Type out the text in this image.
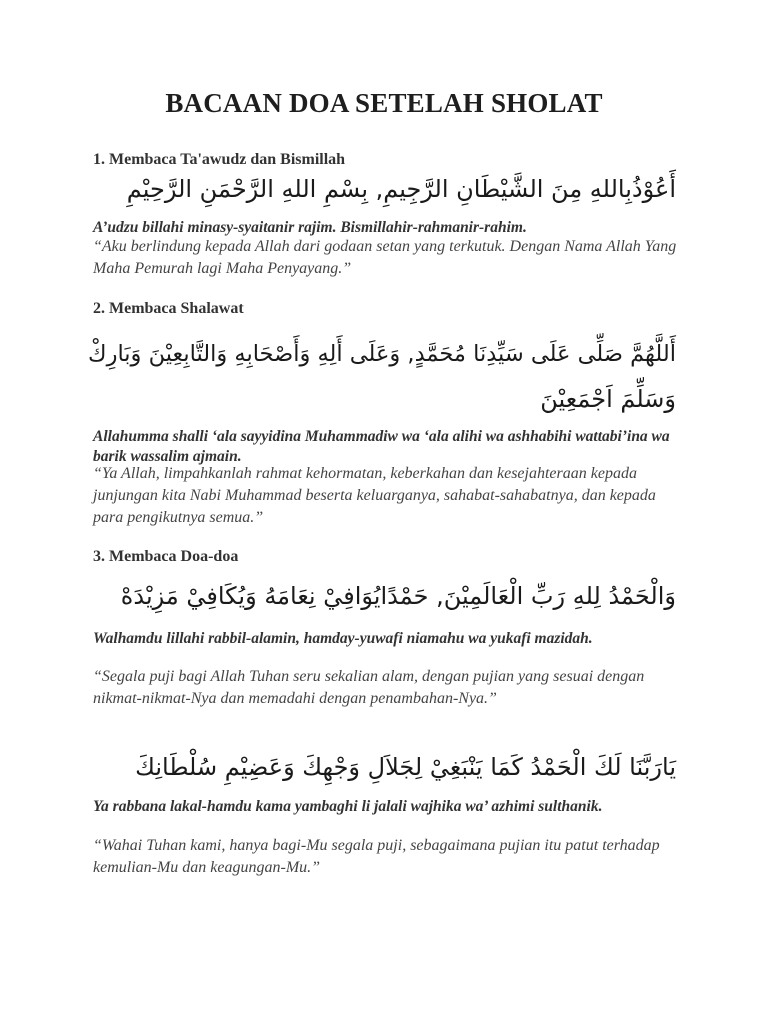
BACAAN DOA SETELAH SHOLAT
1. Membaca Ta'awudz dan Bismillah
أَعُوْذُبِاللهِ مِنَ الشَّيْطَانِ الرَّجِيمِ, بِسْمِ اللهِ الرَّحْمَنِ الرَّحِيْمِ
A’udzu billahi minasy-syaitanir rajim. Bismillahir-rahmanir-rahim.
“Aku berlindung kepada Allah dari godaan setan yang terkutuk. Dengan Nama Allah Yang Maha Pemurah lagi Maha Penyayang.”
2. Membaca Shalawat
أَللَّهُمَّ صَلِّى عَلَى سَيِّدِنَا مُحَمَّدٍ, وَعَلَى أَلِهِ وَأَصْحَابِهِ وَالتَّابِعِيْنَ وَبَارِكْ
وَسَلِّمَ اَجْمَعِيْنَ
Allahumma shalli ‘ala sayyidina Muhammadiw wa ‘ala alihi wa ashhabihi wattabi’ina wa barik wassalim ajmain.
“Ya Allah, limpahkanlah rahmat kehormatan, keberkahan dan kesejahteraan kepada junjungan kita Nabi Muhammad beserta keluarganya, sahabat-sahabatnya, dan kepada para pengikutnya semua.”
3. Membaca Doa-doa
وَالْحَمْدُ لِلهِ رَبِّ الْعَالَمِيْنَ, حَمْدًايُوَافِيْ نِعَامَهُ وَيُكَافِيْ مَزِيْدَهْ
Walhamdu lillahi rabbil-alamin, hamday-yuwafi niamahu wa yukafi mazidah.
“Segala puji bagi Allah Tuhan seru sekalian alam, dengan pujian yang sesuai dengan nikmat-nikmat-Nya dan memadahi dengan penambahan-Nya.”
يَارَبَّنَا لَكَ الْحَمْدُ كَمَا يَنْبَغِيْ لِجَلاَلِ وَجْهِكَ وَعَضِيْمِ سُلْطَانِكَ
Ya rabbana lakal-hamdu kama yambaghi li jalali wajhika wa’ azhimi sulthanik.
“Wahai Tuhan kami, hanya bagi-Mu segala puji, sebagaimana pujian itu patut terhadap kemulian-Mu dan keagungan-Mu.”
